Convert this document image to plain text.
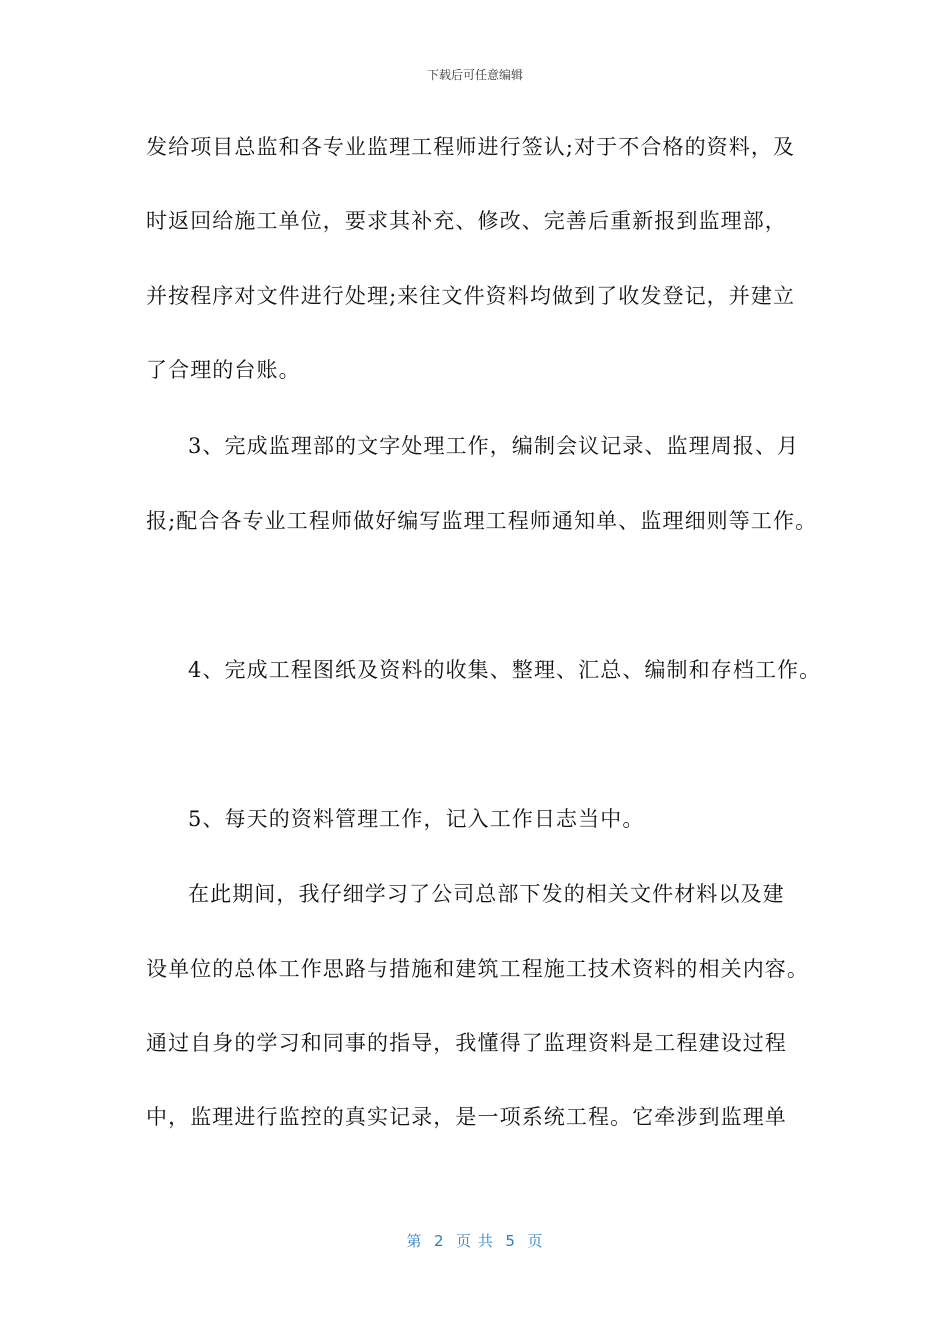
下载后可任意编辑
发给项目总监和各专业监理工程师进行签认;对于不合格的资料，及
时返回给施工单位，要求其补充、修改、完善后重新报到监理部，
并按程序对文件进行处理;来往文件资料均做到了收发登记，并建立
了合理的台账。
3、完成监理部的文字处理工作，编制会议记录、监理周报、月
报;配合各专业工程师做好编写监理工程师通知单、监理细则等工作。
4、完成工程图纸及资料的收集、整理、汇总、编制和存档工作。
5、每天的资料管理工作，记入工作日志当中。
在此期间，我仔细学习了公司总部下发的相关文件材料以及建
设单位的总体工作思路与措施和建筑工程施工技术资料的相关内容。
通过自身的学习和同事的指导，我懂得了监理资料是工程建设过程
中，监理进行监控的真实记录，是一项系统工程。它牵涉到监理单
第  2  页 共  5  页
